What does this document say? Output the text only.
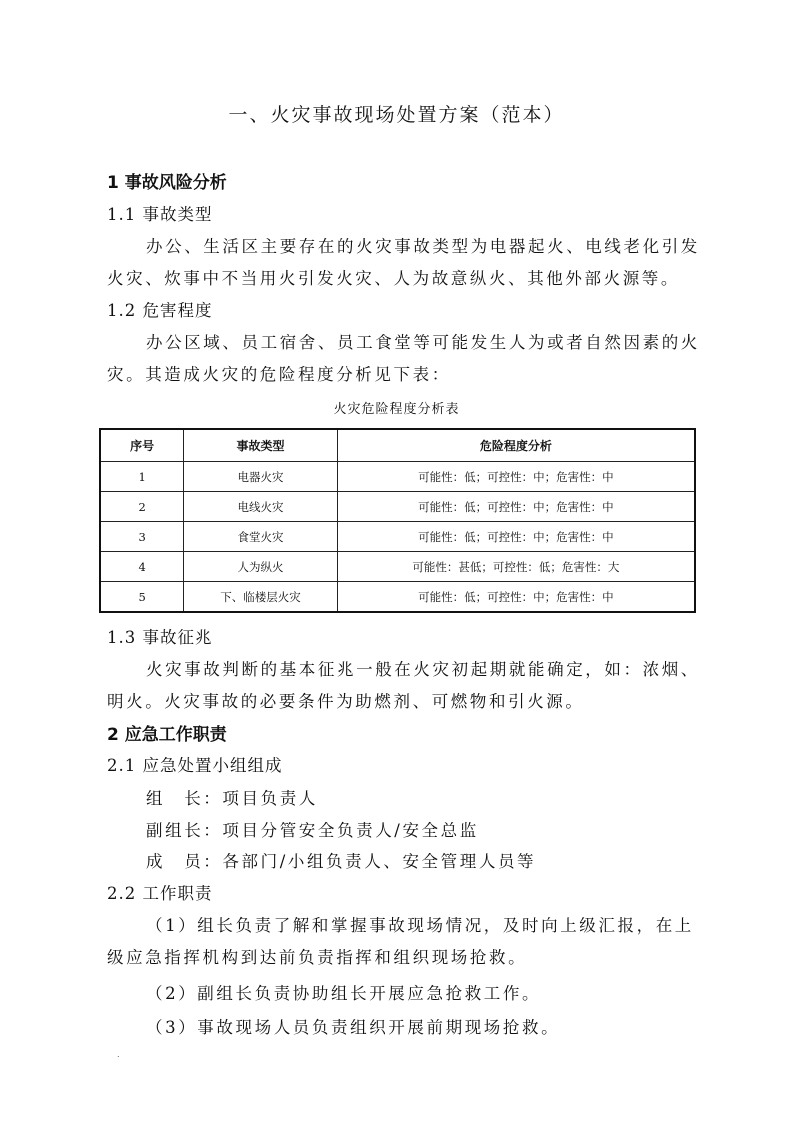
一、火灾事故现场处置方案（范本）
1 事故风险分析
1.1 事故类型
办公、生活区主要存在的火灾事故类型为电器起火、电线老化引发
火灾、炊事中不当用火引发火灾、人为故意纵火、其他外部火源等。
1.2 危害程度
办公区域、员工宿舍、员工食堂等可能发生人为或者自然因素的火
灾。其造成火灾的危险程度分析见下表：
火灾危险程度分析表
序号	事故类型	危险程度分析
1	电器火灾	可能性：低；可控性：中；危害性：中
2	电线火灾	可能性：低；可控性：中；危害性：中
3	食堂火灾	可能性：低；可控性：中；危害性：中
4	人为纵火	可能性：甚低；可控性：低；危害性：大
5	下、临楼层火灾	可能性：低；可控性：中；危害性：中
1.3 事故征兆
火灾事故判断的基本征兆一般在火灾初起期就能确定，如：浓烟、
明火。火灾事故的必要条件为助燃剂、可燃物和引火源。
2 应急工作职责
2.1 应急处置小组组成
组　长：项目负责人
副组长：项目分管安全负责人/安全总监
成　员：各部门/小组负责人、安全管理人员等
2.2 工作职责
（1）组长负责了解和掌握事故现场情况，及时向上级汇报，在上
级应急指挥机构到达前负责指挥和组织现场抢救。
（2）副组长负责协助组长开展应急抢救工作。
（3）事故现场人员负责组织开展前期现场抢救。
.
